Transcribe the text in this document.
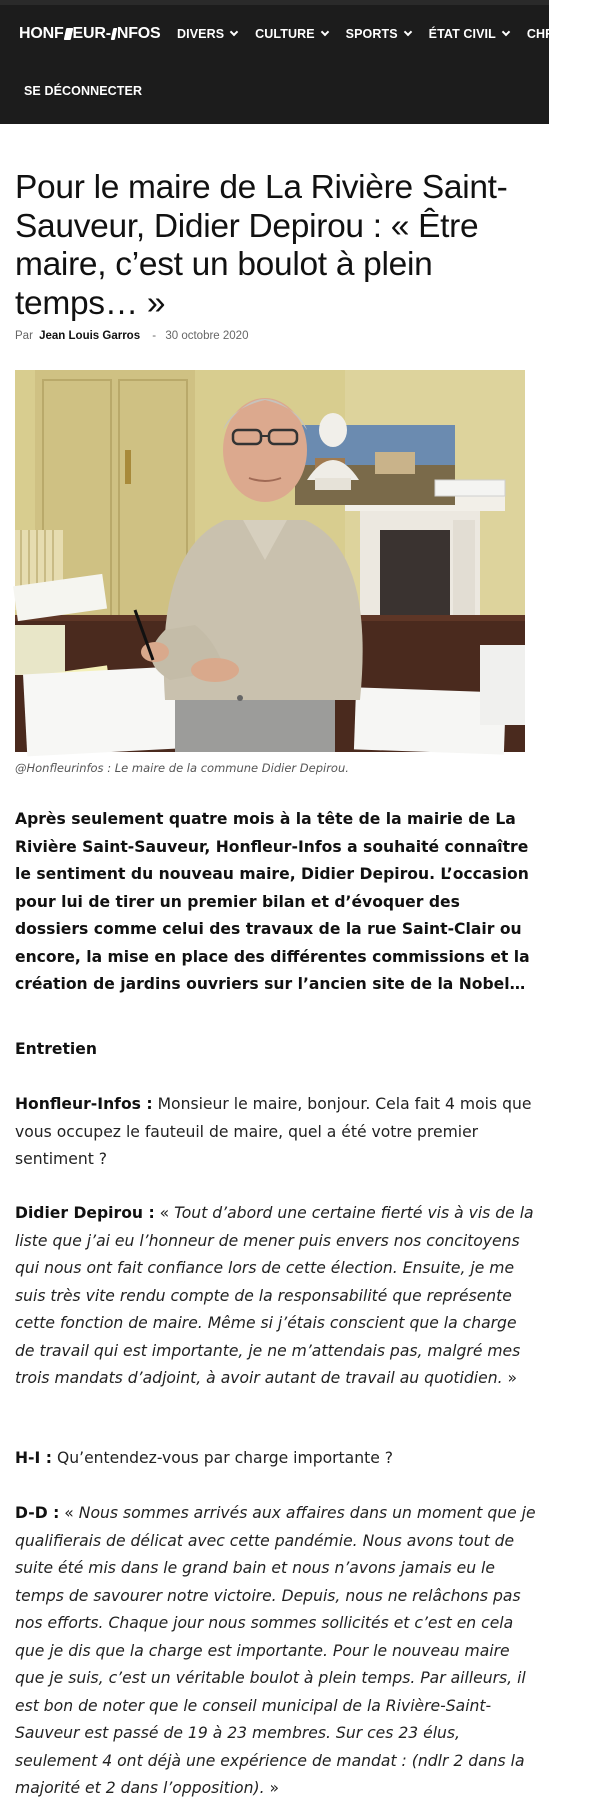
HONF EUR- NFOS DIVERS CULTURE SPORTS ÉTAT CIVIL CHRONI
SE DÉCONNECTER
Pour le maire de La Rivière Saint-Sauveur, Didier Depirou : « Être maire, c’est un boulot à plein temps… »
Par Jean Louis Garros - 30 octobre 2020
@Honfleurinfos : Le maire de la commune Didier Depirou.

Après seulement quatre mois à la tête de la mairie de La Rivière Saint-Sauveur, Honfleur-Infos a souhaité connaître le sentiment du nouveau maire, Didier Depirou. L’occasion pour lui de tirer un premier bilan et d’évoquer des dossiers comme celui des travaux de la rue Saint-Clair ou encore, la mise en place des différentes commissions et la création de jardins ouvriers sur l’ancien site de la Nobel…

Entretien

Honfleur-Infos : Monsieur le maire, bonjour. Cela fait 4 mois que vous occupez le fauteuil de maire, quel a été votre premier sentiment ?

Didier Depirou : « Tout d’abord une certaine fierté vis à vis de la liste que j’ai eu l’honneur de mener puis envers nos concitoyens qui nous ont fait confiance lors de cette élection. Ensuite, je me suis très vite rendu compte de la responsabilité que représente cette fonction de maire. Même si j’étais conscient que la charge de travail qui est importante, je ne m’attendais pas, malgré mes trois mandats d’adjoint, à avoir autant de travail au quotidien. »

H-I : Qu’entendez-vous par charge importante ?

D-D : « Nous sommes arrivés aux affaires dans un moment que je qualifierais de délicat avec cette pandémie. Nous avons tout de suite été mis dans le grand bain et nous n’avons jamais eu le temps de savourer notre victoire. Depuis, nous ne relâchons pas nos efforts. Chaque jour nous sommes sollicités et c’est en cela que je dis que la charge est importante. Pour le nouveau maire que je suis, c’est un véritable boulot à plein temps. Par ailleurs, il est bon de noter que le conseil municipal de la Rivière-Saint-Sauveur est passé de 19 à 23 membres. Sur ces 23 élus, seulement 4 ont déjà une expérience de mandat : (ndlr 2 dans la majorité et 2 dans l’opposition). »
